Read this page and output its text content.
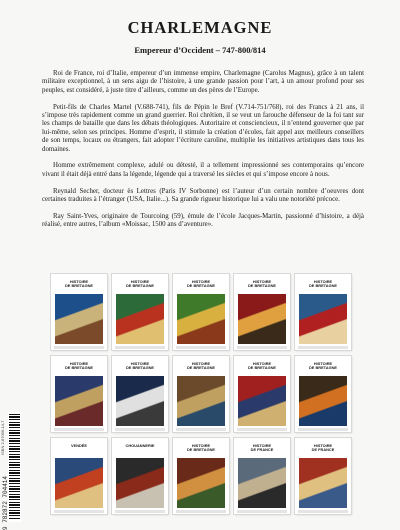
CHARLEMAGNE
Empereur d’Occident – 747-800/814

Roi de France, roi d’Italie, empereur d’un immense empire, Charlemagne (Carolus Magnus), grâce à un talent militaire exceptionnel, à un sens aigu de l’histoire, à une grande passion pour l’art, à un amour profond pour ses peuples, est considéré, à juste titre d’ailleurs, comme un des pères de l’Europe.

Petit-fils de Charles Martel (V.688-741), fils de Pépin le Bref (V.714-751/768), roi des Francs à 21 ans, il s’impose très rapidement comme un grand guerrier. Roi chrétien, il se veut un farouche défenseur de la foi tant sur les champs de bataille que dans les débats théologiques. Autoritaire et consciencieux, il n’entend gouverner que par lui-même, selon ses principes. Homme d’esprit, il stimule la création d’écoles, fait appel aux meilleurs conseillers de son temps, locaux ou étrangers, fait adopter l’écriture caroline, multiplie les initiatives artistiques dans tous les domaines.

Homme extrêmement complexe, adulé ou détesté, il a tellement impressionné ses contemporains qu’encore vivant il était déjà entré dans la légende, légende qui a traversé les siècles et qui s’impose encore à nous.

Reynald Secher, docteur ès Lettres (Paris IV Sorbonne) est l’auteur d’un certain nombre d’oeuvres dont certaines traduites à l’étranger (USA, Italie...). Sa grande rigueur historique lui a valu une notoriété précoce.

Ray Saint-Yves, originaire de Tourcoing (59), émule de l’école Jacques-Martin, passionné d’histoire, a déjà réalisé, entre autres, l’album «Moissac, 1500 ans d’aventure».

HISTOIRE
DE BRETAGNE
HISTOIRE
DE BRETAGNE
HISTOIRE
DE BRETAGNE
HISTOIRE
DE BRETAGNE
HISTOIRE
DE BRETAGNE
HISTOIRE
DE BRETAGNE
HISTOIRE
DE BRETAGNE
HISTOIRE
DE BRETAGNE
HISTOIRE
DE BRETAGNE
HISTOIRE
DE BRETAGNE
VENDÉE	CHOUANNERIE	HISTOIRE
DE BRETAGNE
HISTOIRE
DE FRANCE
HISTOIRE
DE FRANCE
ISBN 2-87096-14-7
9 782872 704414
